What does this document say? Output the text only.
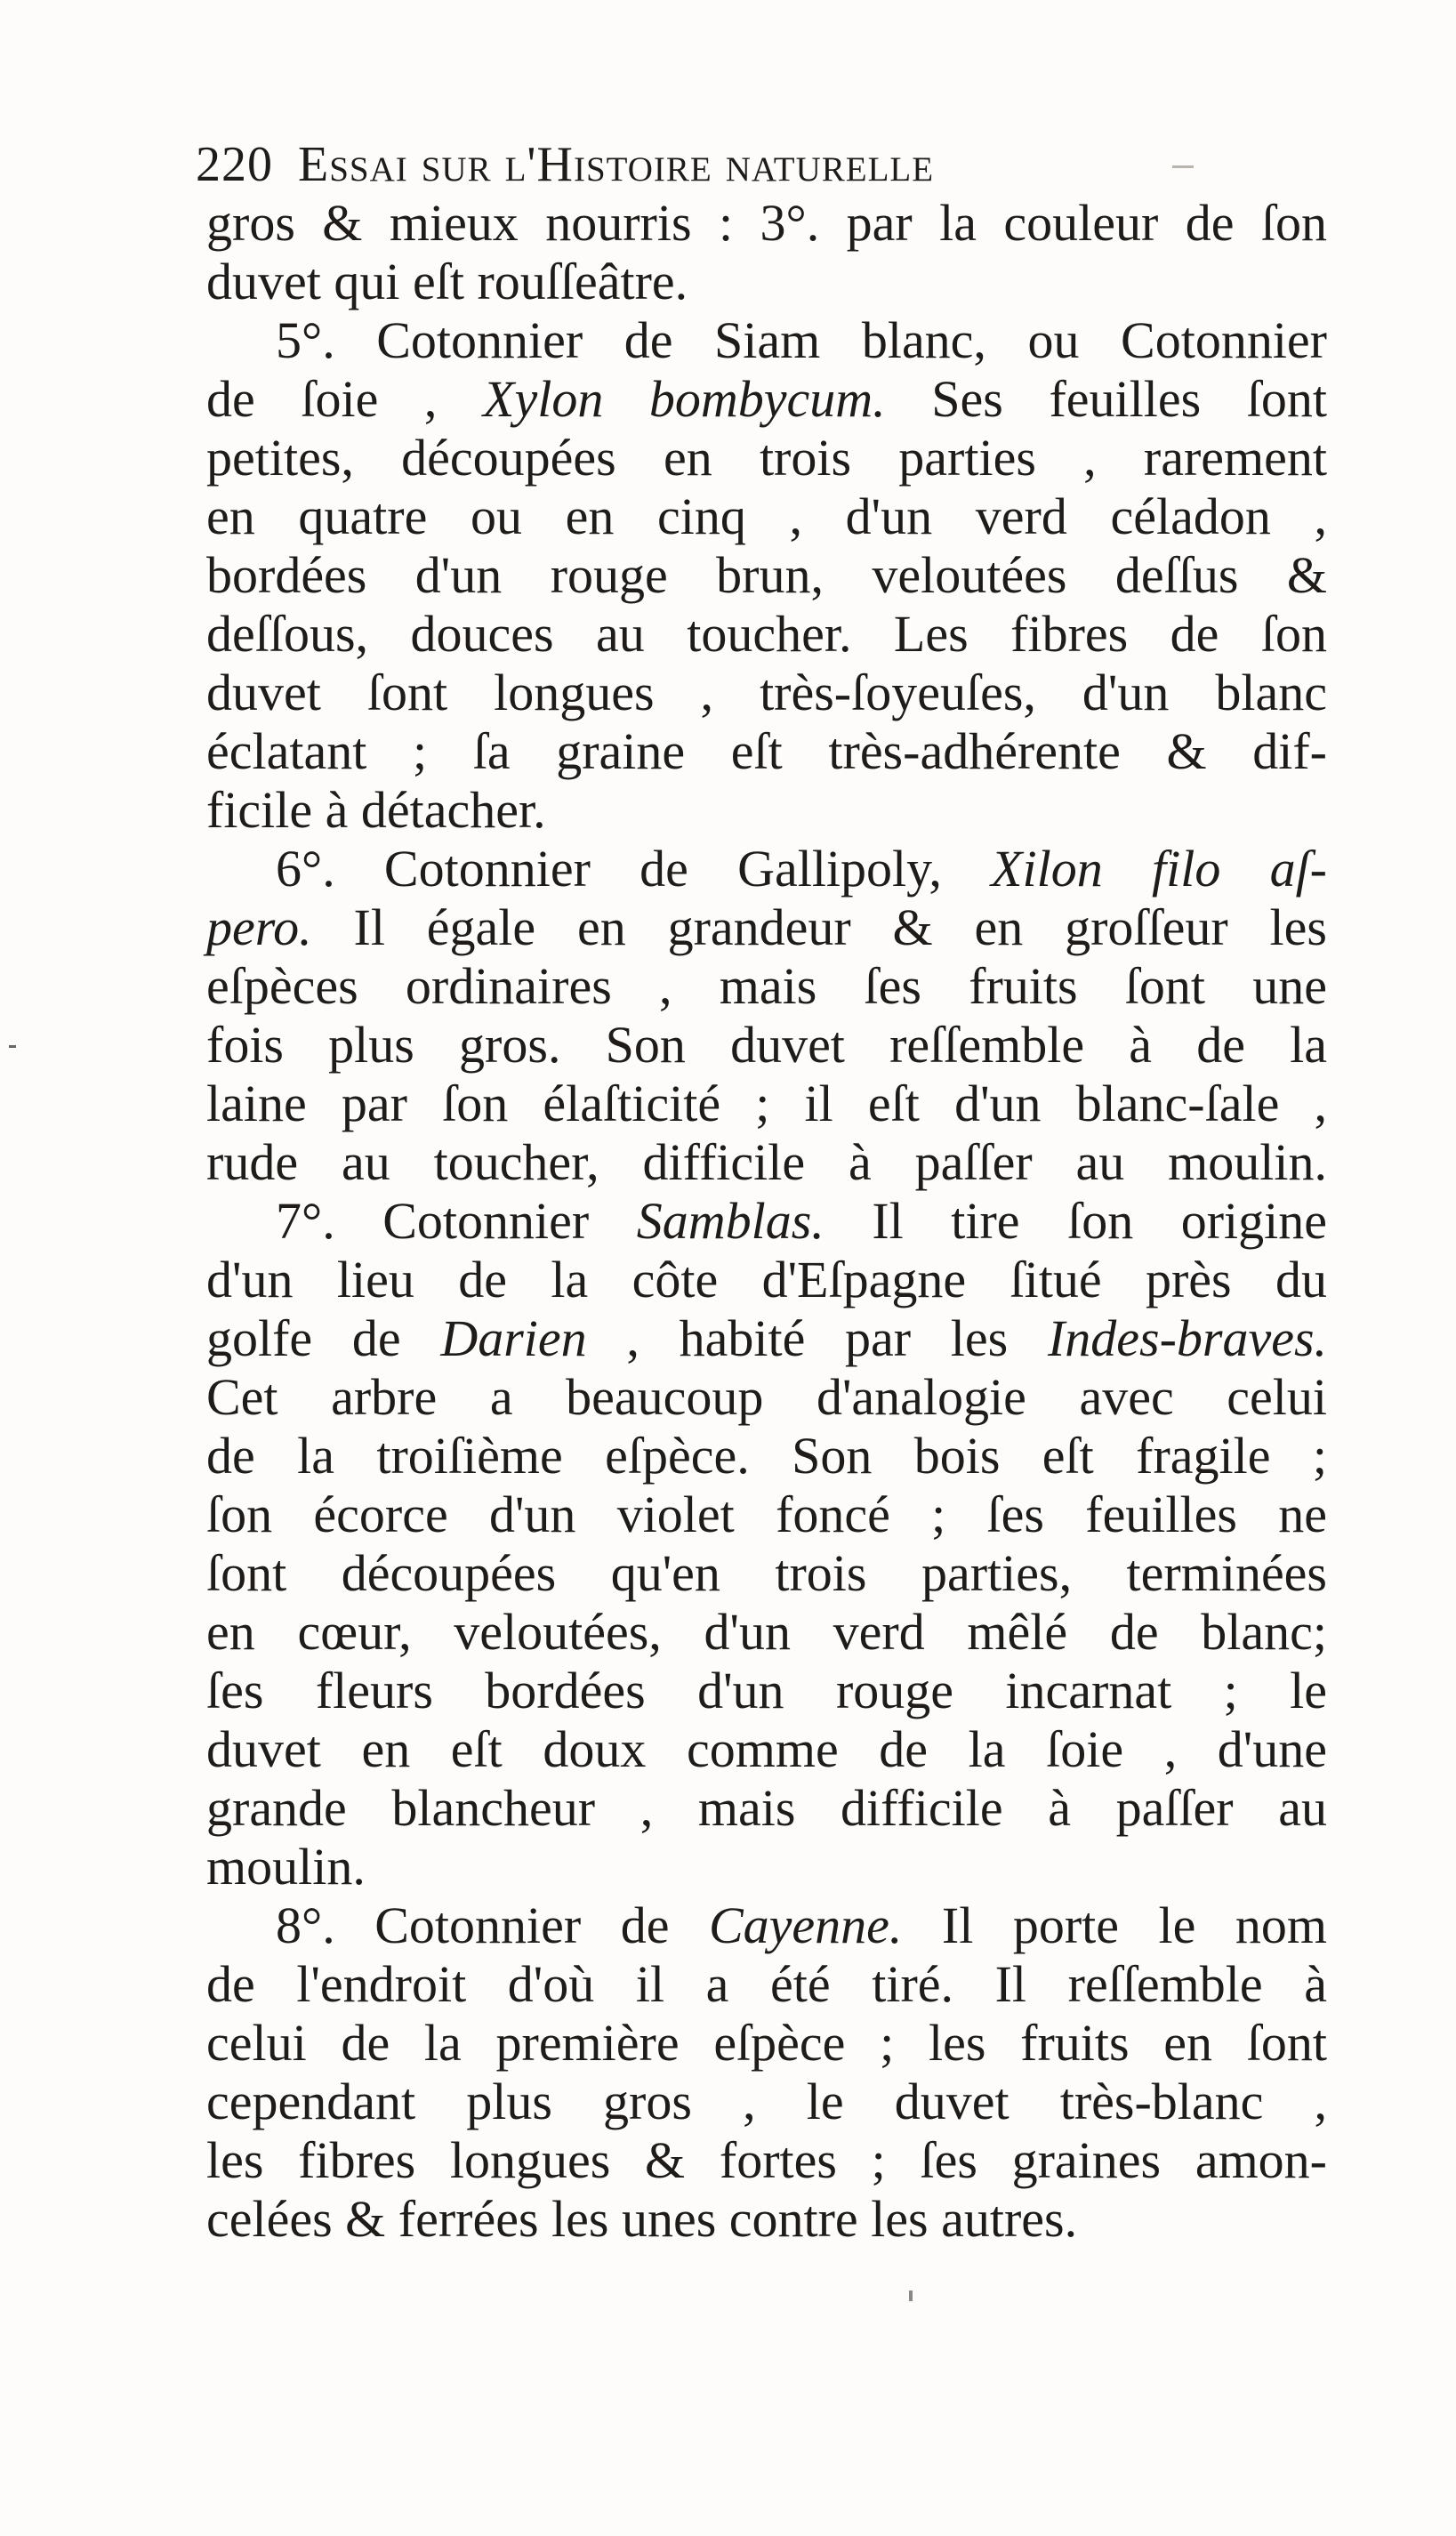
220 Essai sur l'Histoire naturelle
gros & mieux nourris : 3°. par la couleur de ſon
duvet qui eſt rouſſeâtre.
5°. Cotonnier de Siam blanc, ou Cotonnier
de ſoie , Xylon bombycum. Ses feuilles ſont
petites, découpées en trois parties , rarement
en quatre ou en cinq , d'un verd céladon ,
bordées d'un rouge brun, veloutées deſſus &
deſſous, douces au toucher. Les fibres de ſon
duvet ſont longues , très-ſoyeuſes, d'un blanc
éclatant ; ſa graine eſt très-adhérente & dif-
ficile à détacher.
6°. Cotonnier de Gallipoly, Xilon filo aſ-
pero. Il égale en grandeur & en groſſeur les
eſpèces ordinaires , mais ſes fruits ſont une
fois plus gros. Son duvet reſſemble à de la
laine par ſon élaſticité ; il eſt d'un blanc-ſale ,
rude au toucher, difficile à paſſer au moulin.
7°. Cotonnier Samblas. Il tire ſon origine
d'un lieu de la côte d'Eſpagne ſitué près du
golfe de Darien , habité par les Indes-braves.
Cet arbre a beaucoup d'analogie avec celui
de la troiſième eſpèce. Son bois eſt fragile ;
ſon écorce d'un violet foncé ; ſes feuilles ne
ſont découpées qu'en trois parties, terminées
en cœur, veloutées, d'un verd mêlé de blanc;
ſes fleurs bordées d'un rouge incarnat ; le
duvet en eſt doux comme de la ſoie , d'une
grande blancheur , mais difficile à paſſer au
moulin.
8°. Cotonnier de Cayenne. Il porte le nom
de l'endroit d'où il a été tiré. Il reſſemble à
celui de la première eſpèce ; les fruits en ſont
cependant plus gros , le duvet très-blanc ,
les fibres longues & fortes ; ſes graines amon-
celées & ferrées les unes contre les autres.
